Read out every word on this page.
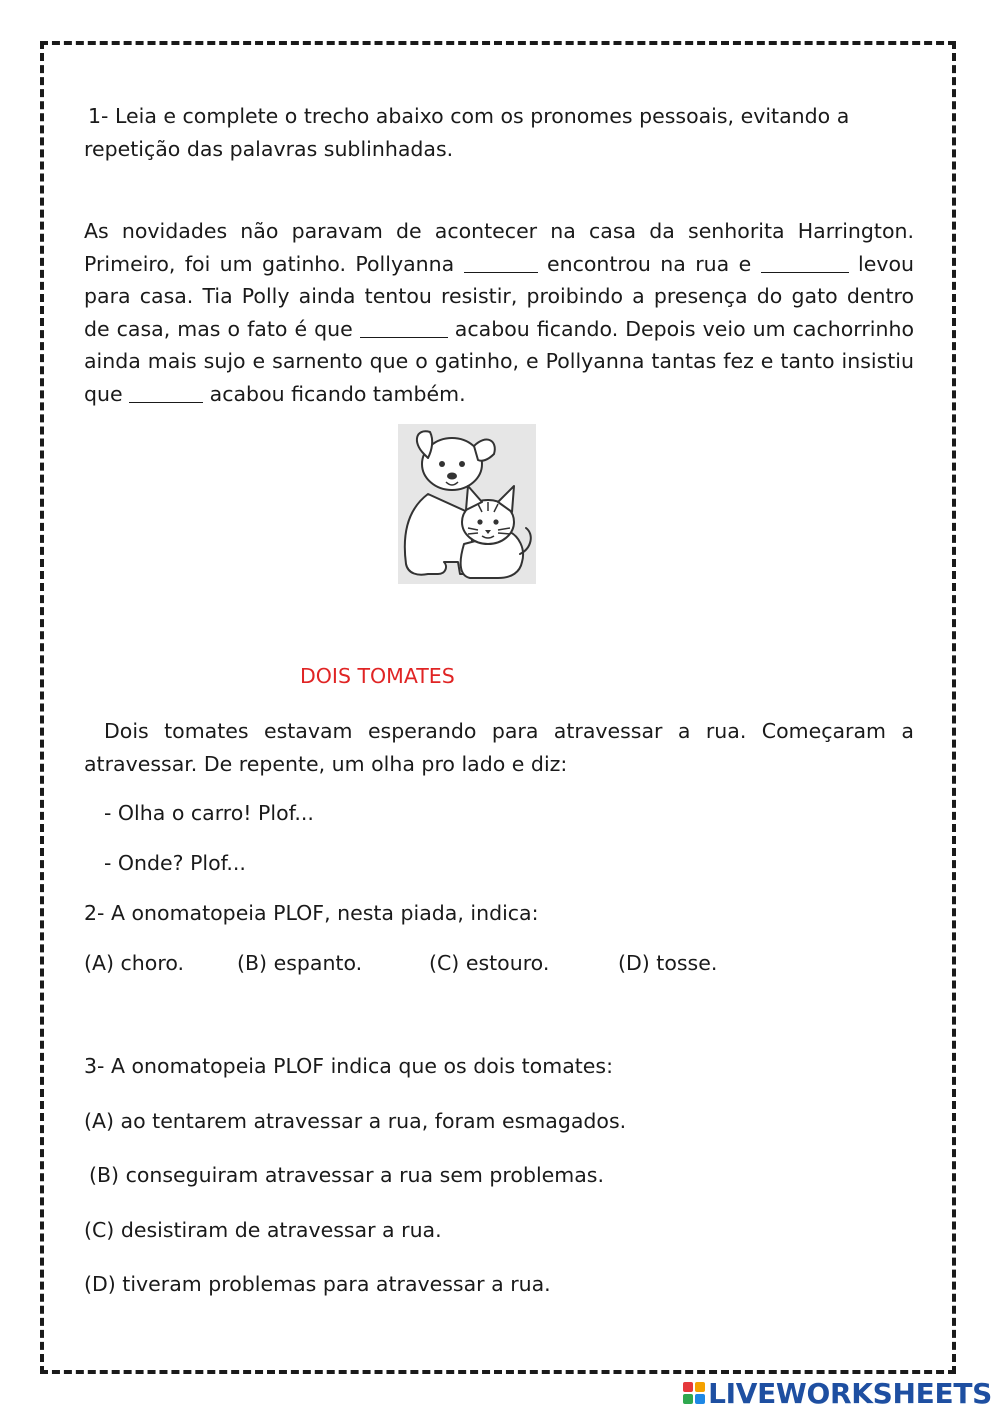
1- Leia e complete o trecho abaixo com os pronomes pessoais, evitando a

repetição das palavras sublinhadas.

As novidades não paravam de acontecer na casa da senhorita Harrington. Primeiro, foi um gatinho. Pollyanna	encontrou na rua e	levou para casa. Tia Polly ainda tentou resistir, proibindo a presença do gato dentro de casa, mas o fato é que	acabou ficando. Depois veio um cachorrinho ainda mais sujo e sarnento que o gatinho, e Pollyanna tantas fez e tanto insistiu que	acabou ficando também.

DOIS TOMATES

Dois tomates estavam esperando para atravessar a rua. Começaram a atravessar. De repente, um olha pro lado e diz:

- Olha o carro! Plof...

- Onde? Plof...

2- A onomatopeia PLOF, nesta piada, indica:

(A) choro.	(B) espanto.	(C) estouro.	(D) tosse.

3- A onomatopeia PLOF indica que os dois tomates:

(A) ao tentarem atravessar a rua, foram esmagados.

(B) conseguiram atravessar a rua sem problemas.

(C) desistiram de atravessar a rua.

(D) tiveram problemas para atravessar a rua.

LIVEWORKSHEETS
